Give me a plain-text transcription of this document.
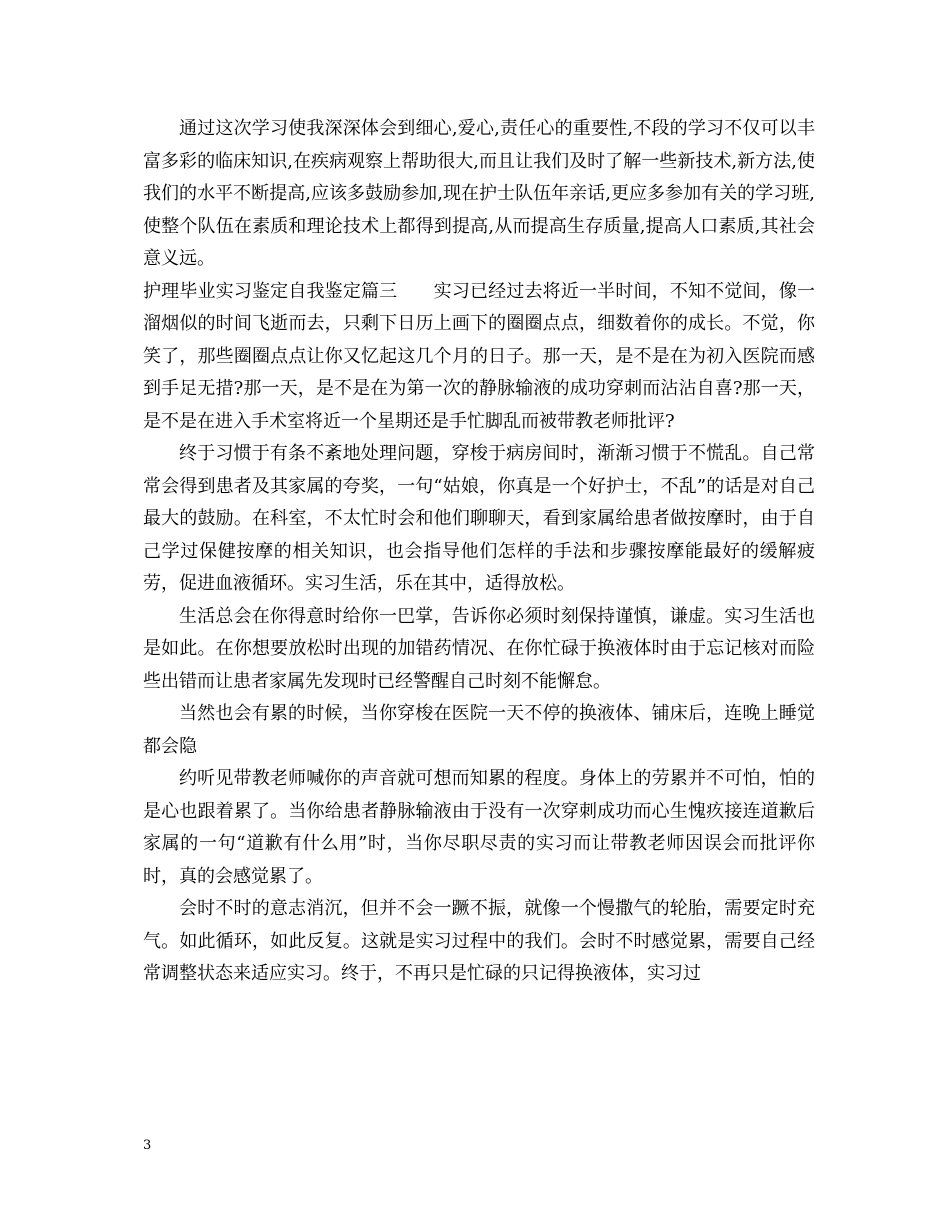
通过这次学习使我深深体会到细心,爱心,责任心的重要性,不段的学习不仅可以丰富多彩的临床知识,在疾病观察上帮助很大,而且让我们及时了解一些新技术,新方法,使我们的水平不断提高,应该多鼓励参加,现在护士队伍年亲话,更应多参加有关的学习班,使整个队伍在素质和理论技术上都得到提高,从而提高生存质量,提高人口素质,其社会意义远。

护理毕业实习鉴定自我鉴定篇三　　实习已经过去将近一半时间，不知不觉间，像一溜烟似的时间飞逝而去，只剩下日历上画下的圈圈点点，细数着你的成长。不觉，你笑了，那些圈圈点点让你又忆起这几个月的日子。那一天，是不是在为初入医院而感到手足无措?那一天，是不是在为第一次的静脉输液的成功穿刺而沾沾自喜?那一天，是不是在进入手术室将近一个星期还是手忙脚乱而被带教老师批评?

终于习惯于有条不紊地处理问题，穿梭于病房间时，渐渐习惯于不慌乱。自己常常会得到患者及其家属的夸奖，一句“姑娘，你真是一个好护士，不乱”的话是对自己最大的鼓励。在科室，不太忙时会和他们聊聊天，看到家属给患者做按摩时，由于自己学过保健按摩的相关知识，也会指导他们怎样的手法和步骤按摩能最好的缓解疲劳，促进血液循环。实习生活，乐在其中，适得放松。

生活总会在你得意时给你一巴掌，告诉你必须时刻保持谨慎，谦虚。实习生活也是如此。在你想要放松时出现的加错药情况、在你忙碌于换液体时由于忘记核对而险些出错而让患者家属先发现时已经警醒自己时刻不能懈怠。

当然也会有累的时候，当你穿梭在医院一天不停的换液体、铺床后，连晚上睡觉都会隐

约听见带教老师喊你的声音就可想而知累的程度。身体上的劳累并不可怕，怕的是心也跟着累了。当你给患者静脉输液由于没有一次穿刺成功而心生愧疚接连道歉后家属的一句“道歉有什么用”时，当你尽职尽责的实习而让带教老师因误会而批评你时，真的会感觉累了。

会时不时的意志消沉，但并不会一蹶不振，就像一个慢撒气的轮胎，需要定时充气。如此循环，如此反复。这就是实习过程中的我们。会时不时感觉累，需要自己经常调整状态来适应实习。终于，不再只是忙碌的只记得换液体，实习过

3
